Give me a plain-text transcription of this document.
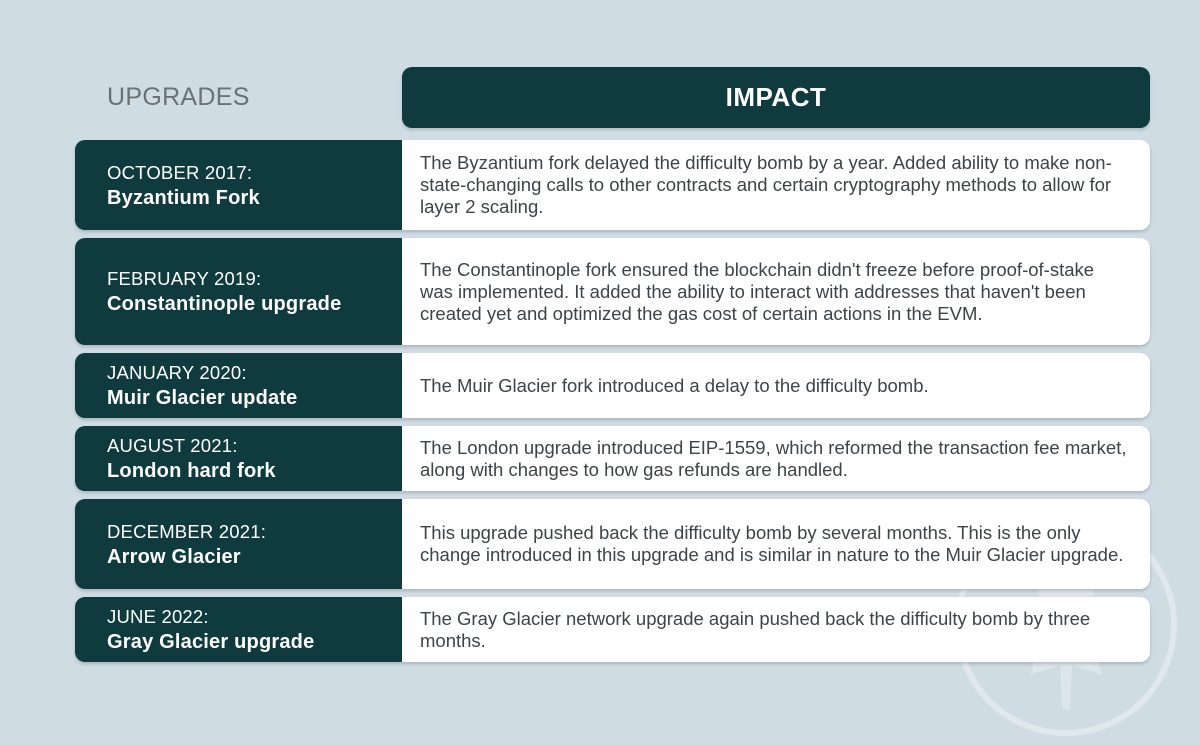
UPGRADES	IMPACT
OCTOBER 2017:
Byzantium Fork
The Byzantium fork delayed the difficulty bomb by a year. Added ability to make non-state-changing calls to other contracts and certain cryptography methods to allow for layer 2 scaling.
FEBRUARY 2019:
Constantinople upgrade
The Constantinople fork ensured the blockchain didn't freeze before proof-of-stake was implemented. It added the ability to interact with addresses that haven't been created yet and optimized the gas cost of certain actions in the EVM.
JANUARY 2020:
Muir Glacier update
The Muir Glacier fork introduced a delay to the difficulty bomb.
AUGUST 2021:
London hard fork
The London upgrade introduced EIP-1559, which reformed the transaction fee market, along with changes to how gas refunds are handled.
DECEMBER 2021:
Arrow Glacier
This upgrade pushed back the difficulty bomb by several months. This is the only change introduced in this upgrade and is similar in nature to the Muir Glacier upgrade.
JUNE 2022:
Gray Glacier upgrade
The Gray Glacier network upgrade again pushed back the difficulty bomb by three months.
